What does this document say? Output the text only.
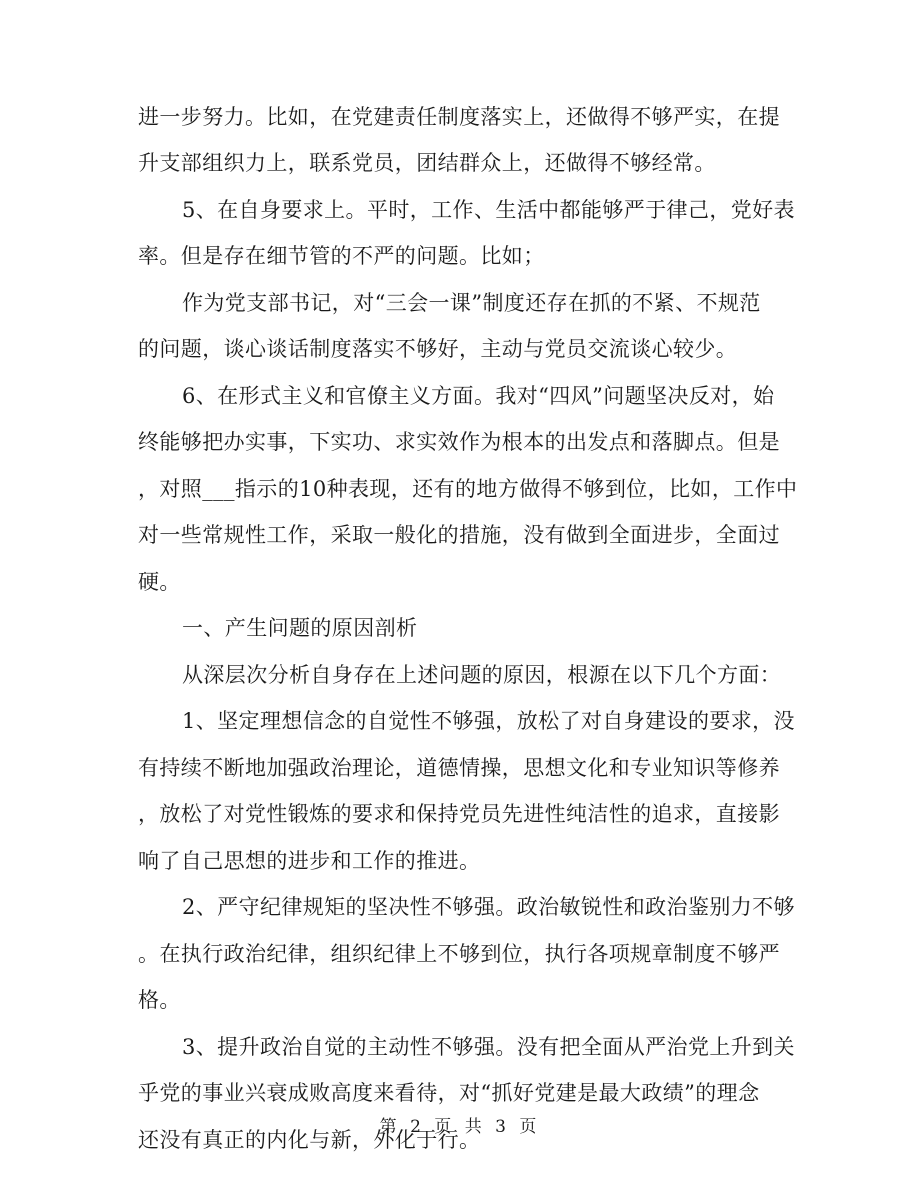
进一步努力。比如，在党建责任制度落实上，还做得不够严实，在提
升支部组织力上，联系党员，团结群众上，还做得不够经常。
5、在自身要求上。平时，工作、生活中都能够严于律己，党好表
率。但是存在细节管的不严的问题。比如；
作为党支部书记，对“三会一课”制度还存在抓的不紧、不规范
的问题，谈心谈话制度落实不够好，主动与党员交流谈心较少。
6、在形式主义和官僚主义方面。我对“四风”问题坚决反对，始
终能够把办实事，下实功、求实效作为根本的出发点和落脚点。但是
，对照___指示的10种表现，还有的地方做得不够到位，比如，工作中
对一些常规性工作，采取一般化的措施，没有做到全面进步，全面过
硬。
一、产生问题的原因剖析
从深层次分析自身存在上述问题的原因，根源在以下几个方面：
1、坚定理想信念的自觉性不够强，放松了对自身建设的要求，没
有持续不断地加强政治理论，道德情操，思想文化和专业知识等修养
，放松了对党性锻炼的要求和保持党员先进性纯洁性的追求，直接影
响了自己思想的进步和工作的推进。
2、严守纪律规矩的坚决性不够强。政治敏锐性和政治鉴别力不够
。在执行政治纪律，组织纪律上不够到位，执行各项规章制度不够严
格。
3、提升政治自觉的主动性不够强。没有把全面从严治党上升到关
乎党的事业兴衰成败高度来看待，对“抓好党建是最大政绩”的理念
还没有真正的内化与新，外化于行。
第 2 页 共 3 页
